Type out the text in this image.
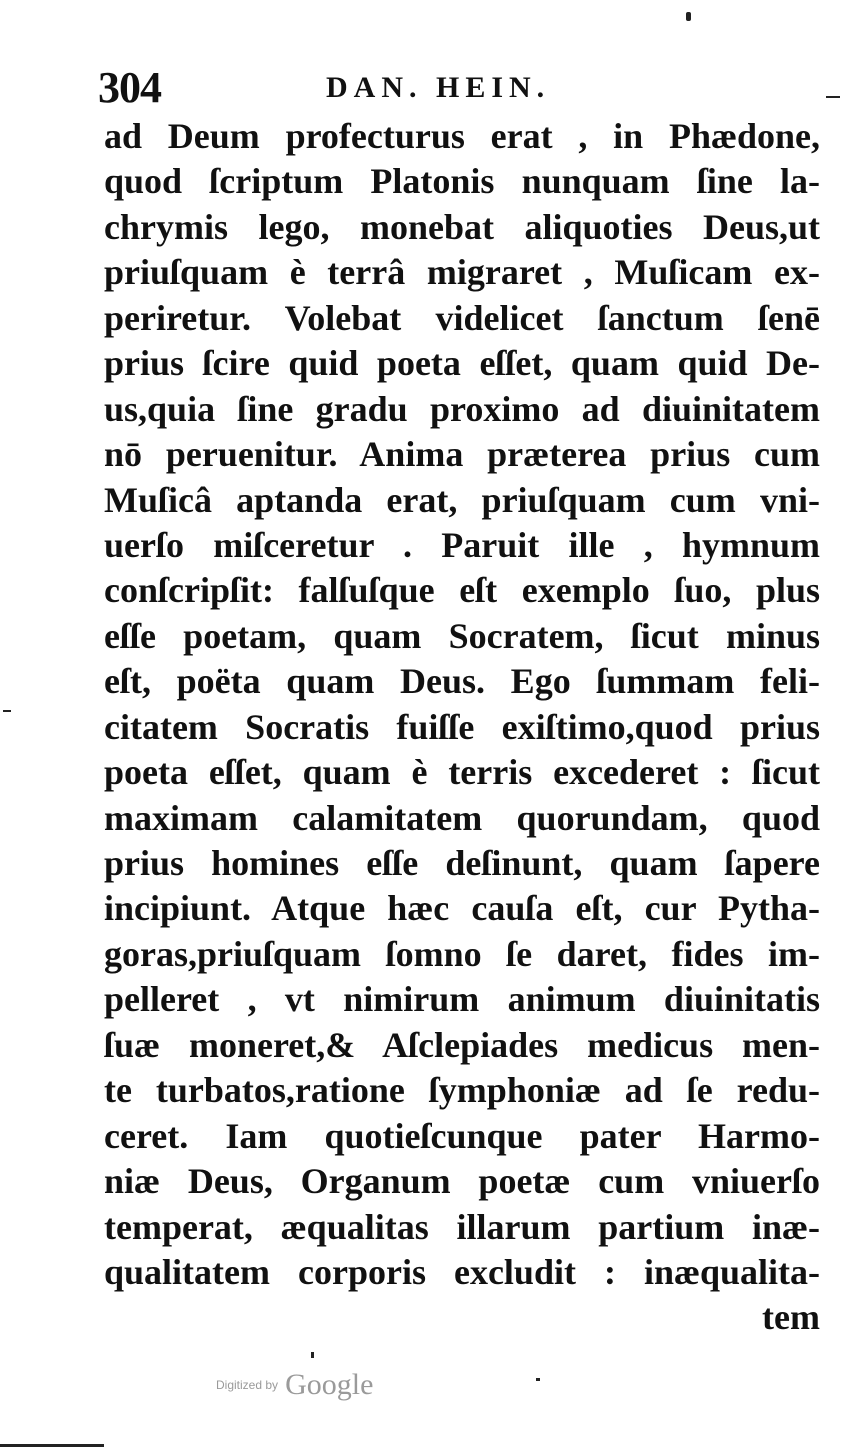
304	DAN. HEIN.
ad Deum profecturus erat , in Phædone,
quod ſcriptum Platonis nunquam ſine la-
chrymis lego, monebat aliquoties Deus,ut
priuſquam è terrâ migraret , Muſicam ex-
periretur. Volebat videlicet ſanctum ſenē
prius ſcire quid poeta eſſet, quam quid De-
us,quia ſine gradu proximo ad diuinitatem
nō peruenitur. Anima præterea prius cum
Muſicâ aptanda erat, priuſquam cum vni-
uerſo miſceretur . Paruit ille , hymnum
conſcripſit: falſuſque eſt exemplo ſuo, plus
eſſe poetam, quam Socratem, ſicut minus
eſt, poëta quam Deus. Ego ſummam feli-
citatem Socratis fuiſſe exiſtimo,quod prius
poeta eſſet, quam è terris excederet : ſicut
maximam calamitatem quorundam, quod
prius homines eſſe deſinunt, quam ſapere
incipiunt. Atque hæc cauſa eſt, cur Pytha-
goras,priuſquam ſomno ſe daret, fides im-
pelleret , vt nimirum animum diuinitatis
ſuæ moneret,& Aſclepiades medicus men-
te turbatos,ratione ſymphoniæ ad ſe redu-
ceret. Iam quotieſcunque pater Harmo-
niæ Deus, Organum poetæ cum vniuerſo
temperat, æqualitas illarum partium inæ-
qualitatem corporis excludit : inæqualita-
tem
Digitized by Google
